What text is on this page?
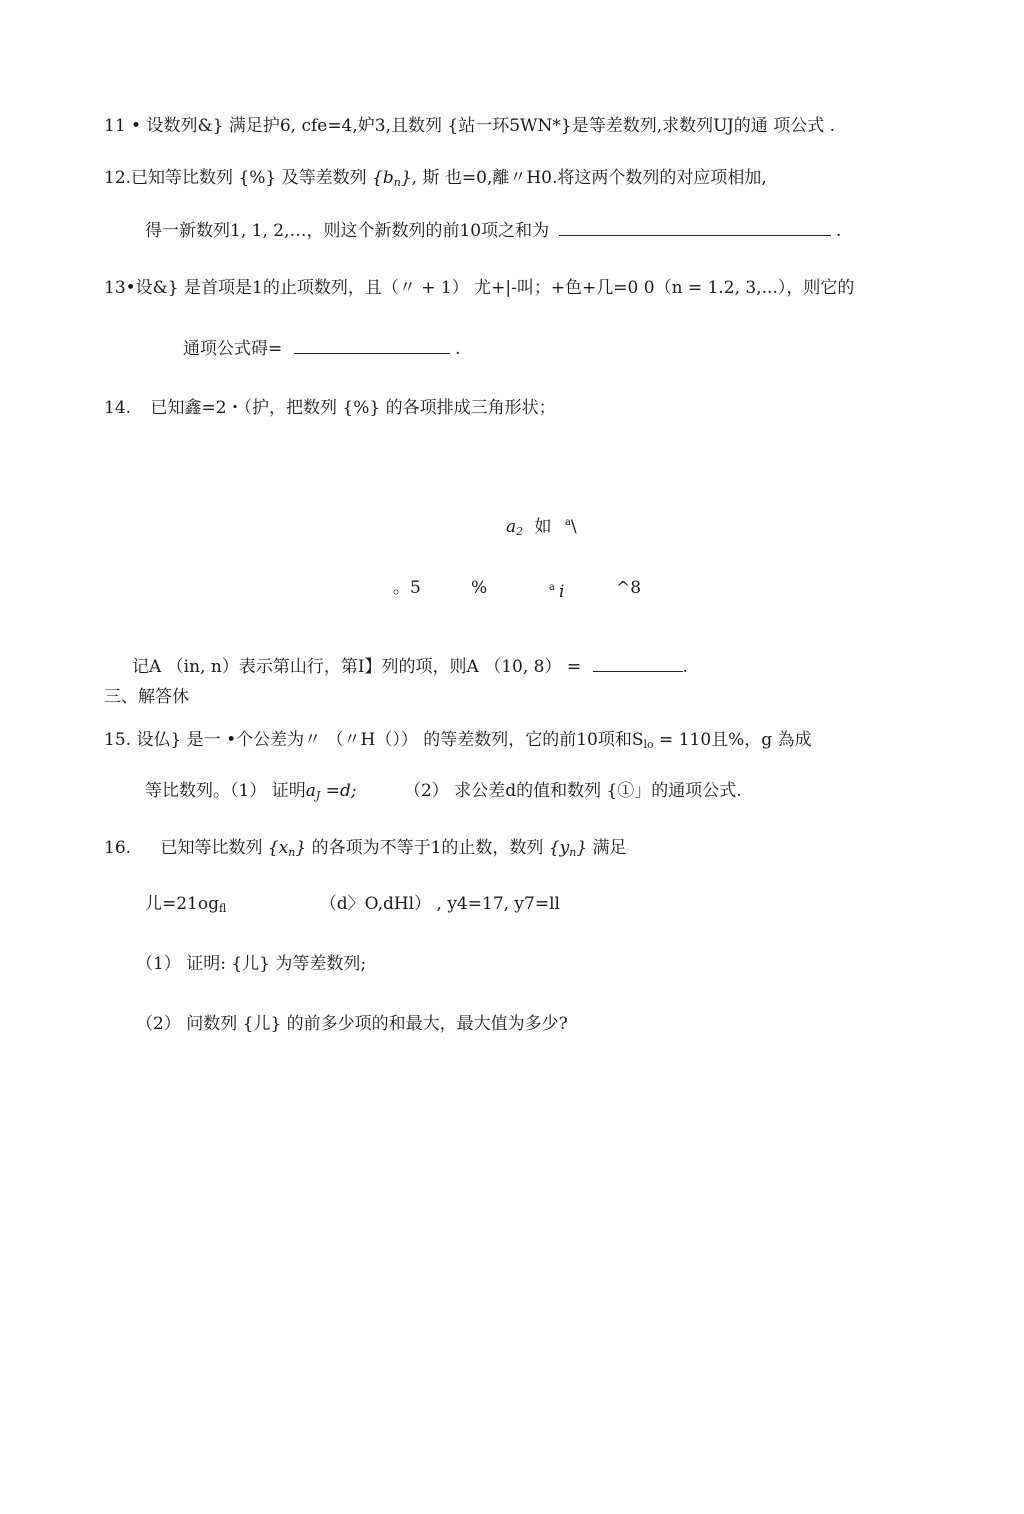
11 • 设数列&} 满足护6, cfe=4,妒3,且数列 {站一环5WN*}是等差数列,求数列UJ的通 项公式 .
12.已知等比数列 {%} 及等差数列 $\{b_n\}$, 斯 也=0,離〃H0.将这两个数列的对应项相加,
得一新数列1, 1, 2,…，则这个新数列的前10项之和为	.
13•设&} 是首项是1的止项数列，且（〃 + 1） 尤+|-叫；+色+几=0 0（n = 1.2, 3,...），则它的
通项公式碍=	.
14. 已知鑫=2・（护，把数列 {%} 的各项排成三角形状；
$a_2$ 如 $^a$\
。5	%	$^a$ i	^8
记A （in, n）表示第山行，第I】列的项，则A （10, 8） =	.
三、解答休
15. 设仏} 是一 •个公差为〃 （〃H（）） 的等差数列，它的前10项和$S_{lo} = 110$且%，g 為成
等比数列。（1） 证明$a_J =d$;	（2） 求公差d的值和数列 {①」的通项公式.
16. 已知等比数列 $\{x_n\}$ 的各项为不等于1的止数，数列 $\{y_n\}$ 满足
儿$=21og_{fl}$	（d〉O,dHl） , y4=17, y7=ll
（1） 证明: {儿} 为等差数列;
（2） 问数列 {儿} 的前多少项的和最大，最大值为多少?
